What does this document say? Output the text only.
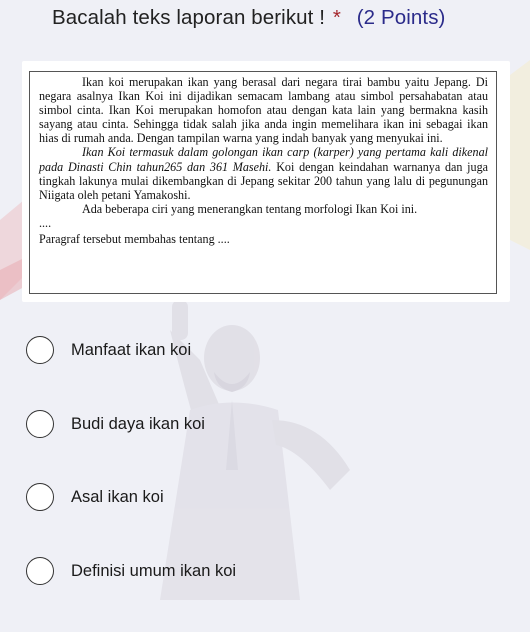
Bacalah teks laporan berikut ! * (2 Points)

Ikan koi merupakan ikan yang berasal dari negara tirai bambu yaitu Jepang. Di negara asalnya Ikan Koi ini dijadikan semacam lambang atau simbol persahabatan atau simbol cinta. Ikan Koi merupakan homofon atau dengan kata lain yang bermakna kasih sayang atau cinta. Sehingga tidak salah jika anda ingin memelihara ikan ini sebagai ikan hias di rumah anda. Dengan tampilan warna yang indah banyak yang menyukai ini.

Ikan Koi termasuk dalam golongan ikan carp (karper) yang pertama kali dikenal pada Dinasti Chin tahun265 dan 361 Masehi. Koi dengan keindahan warnanya dan juga tingkah lakunya mulai dikembangkan di Jepang sekitar 200 tahun yang lalu di pegunungan Niigata oleh petani Yamakoshi.

Ada beberapa ciri yang menerangkan tentang morfologi Ikan Koi ini.

....

Paragraf tersebut membahas tentang ....

Manfaat ikan koi
Budi daya ikan koi
Asal ikan koi
Definisi umum ikan koi
